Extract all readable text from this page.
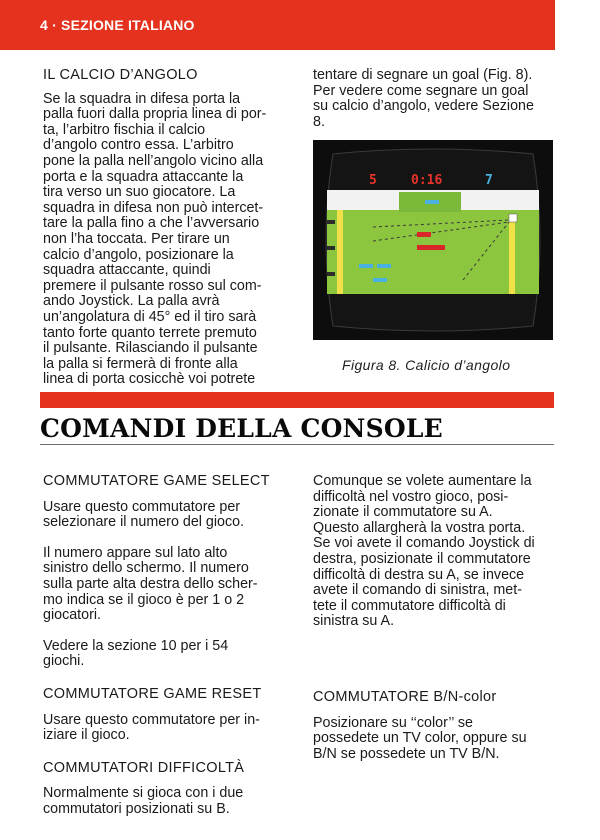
4 · SEZIONE ITALIANO

IL CALCIO D’ANGOLO

Se la squadra in difesa porta la
palla fuori dalla propria linea di por-
ta, l’arbitro fischia il calcio
d’angolo contro essa. L’arbitro
pone la palla nell’angolo vicino alla
porta e la squadra attaccante la
tira verso un suo giocatore. La
squadra in difesa non può intercet-
tare la palla fino a che l’avversario
non l’ha toccata. Per tirare un
calcio d’angolo, posizionare la
squadra attaccante, quindi
premere il pulsante rosso sul com-
ando Joystick. La palla avrà
un’angolatura di 45° ed il tiro sarà
tanto forte quanto terrete premuto
il pulsante. Rilasciando il pulsante
la palla si fermerà di fronte alla
linea di porta cosicchè voi potrete

tentare di segnare un goal (Fig. 8).
Per vedere come segnare un goal
su calcio d’angolo, vedere Sezione
8.

5	0:16	7
Figura 8. Calicio d’angolo
COMANDI DELLA CONSOLE

COMMUTATORE GAME SELECT

Usare questo commutatore per
selezionare il numero del gioco.

Il numero appare sul lato alto
sinistro dello schermo. Il numero
sulla parte alta destra dello scher-
mo indica se il gioco è per 1 o 2
giocatori.

Vedere la sezione 10 per i 54
giochi.

COMMUTATORE GAME RESET

Usare questo commutatore per in-
iziare il gioco.

COMMUTATORI DIFFICOLTÀ

Normalmente si gioca con i due
commutatori posizionati su B.

Comunque se volete aumentare la
difficoltà nel vostro gioco, posi-
zionate il commutatore su A.
Questo allargherà la vostra porta.
Se voi avete il comando Joystick di
destra, posizionate il commutatore
difficoltà di destra su A, se invece
avete il comando di sinistra, met-
tete il commutatore difficoltà di
sinistra su A.

COMMUTATORE B/N-color

Posizionare su ‘‘color’’ se
possedete un TV color, oppure su
B/N se possedete un TV B/N.
